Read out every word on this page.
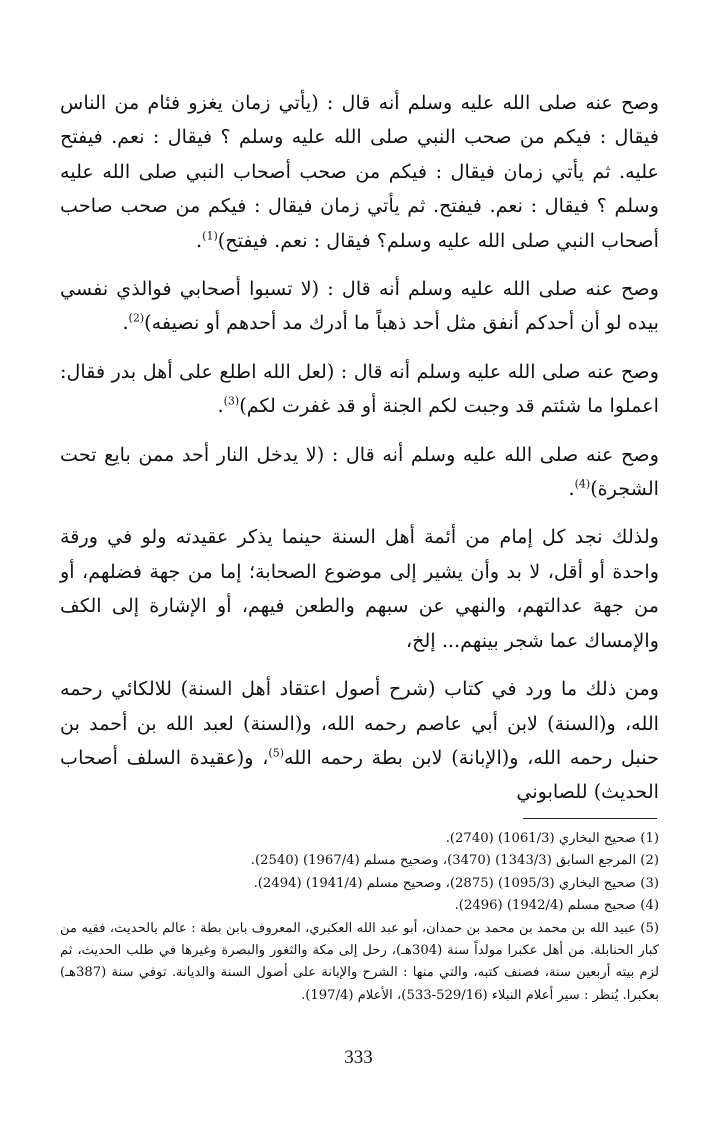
وصح عنه صلى الله عليه وسلم أنه قال : (يأتي زمان يغزو فئام من الناس فيقال : فيكم من صحب النبي صلى الله عليه وسلم ؟ فيقال : نعم. فيفتح عليه. ثم يأتي زمان فيقال : فيكم من صحب أصحاب النبي صلى الله عليه وسلم ؟ فيقال : نعم. فيفتح. ثم يأتي زمان فيقال : فيكم من صحب صاحب أصحاب النبي صلى الله عليه وسلم؟ فيقال : نعم. فيفتح)$^{(1)}$.

وصح عنه صلى الله عليه وسلم أنه قال : (لا تسبوا أصحابي فوالذي نفسي بيده لو أن أحدكم أنفق مثل أحد ذهباً ما أدرك مد أحدهم أو نصيفه)$^{(2)}$.

وصح عنه صلى الله عليه وسلم أنه قال : (لعل الله اطلع على أهل بدر فقال: اعملوا ما شئتم قد وجبت لكم الجنة أو قد غفرت لكم)$^{(3)}$.

وصح عنه صلى الله عليه وسلم أنه قال : (لا يدخل النار أحد ممن بايع تحت الشجرة)$^{(4)}$.

ولذلك نجد كل إمام من أئمة أهل السنة حينما يذكر عقيدته ولو في ورقة واحدة أو أقل، لا بد وأن يشير إلى موضوع الصحابة؛ إما من جهة فضلهم، أو من جهة عدالتهم، والنهي عن سبهم والطعن فيهم، أو الإشارة إلى الكف والإمساك عما شجر بينهم... إلخ،

ومن ذلك ما ورد في كتاب (شرح أصول اعتقاد أهل السنة) للالكائي رحمه الله، و(السنة) لابن أبي عاصم رحمه الله، و(السنة) لعبد الله بن أحمد بن حنبل رحمه الله، و(الإبانة) لابن بطة رحمه الله$^{(5)}$، و(عقيدة السلف أصحاب الحديث) للصابوني

(1) صحيح البخاري (1061/3) (2740).

(2) المرجع السابق (1343/3) (3470)، وصحيح مسلم (1967/4) (2540).

(3) صحيح البخاري (1095/3) (2875)، وصحيح مسلم (1941/4) (2494).

(4) صحيح مسلم (1942/4) (2496).

(5) عبيد الله بن محمد بن محمد بن حمدان، أبو عبد الله العكبري، المعروف بابن بطة : عالم بالحديث، فقيه من كبار الحنابلة. من أهل عكبرا مولداً سنة (304هـ)، رحل إلى مكة والثغور والبصرة وغيرها في طلب الحديث، ثم لزم بيته أربعين سنة، فصنف كتبه، والتي منها : الشرح والإبانة على أصول السنة والديانة. توفي سنة (387هـ) بعكبرا. يُنظر : سير أعلام النبلاء (529/16-533)، الأعلام (197/4).

333
